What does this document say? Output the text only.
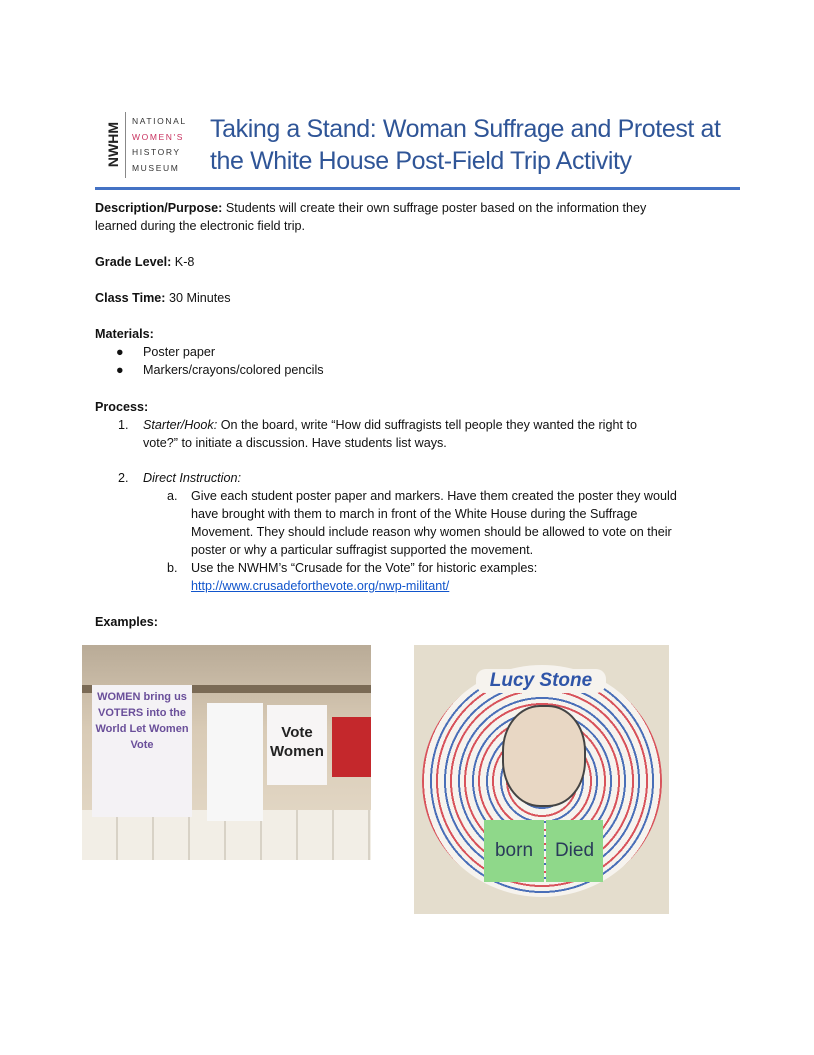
NWHM
NATIONAL
WOMEN'S
HISTORY
MUSEUM
Taking a Stand: Woman Suffrage and Protest at
the White House Post-Field Trip Activity
Description/Purpose: Students will create their own suffrage poster based on the information they
learned during the electronic field trip.
Grade Level: K-8
Class Time: 30 Minutes
Materials:
●	Poster paper
●	Markers/crayons/colored pencils
Process:
1.	Starter/Hook: On the board, write “How did suffragists tell people they wanted the right to
vote?” to initiate a discussion. Have students list ways.
2.	Direct Instruction:
a.	Give each student poster paper and markers. Have them created the poster they would
have brought with them to march in front of the White House during the Suffrage
Movement. They should include reason why women should be allowed to vote on their
poster or why a particular suffragist supported the movement.
b.	Use the NWHM’s “Crusade for the Vote” for historic examples:
http://www.crusadeforthevote.org/nwp-militant/
Examples:
WOMEN bring us VOTERS into the World Let Women Vote
Vote Women
Lucy Stone
born	Died
